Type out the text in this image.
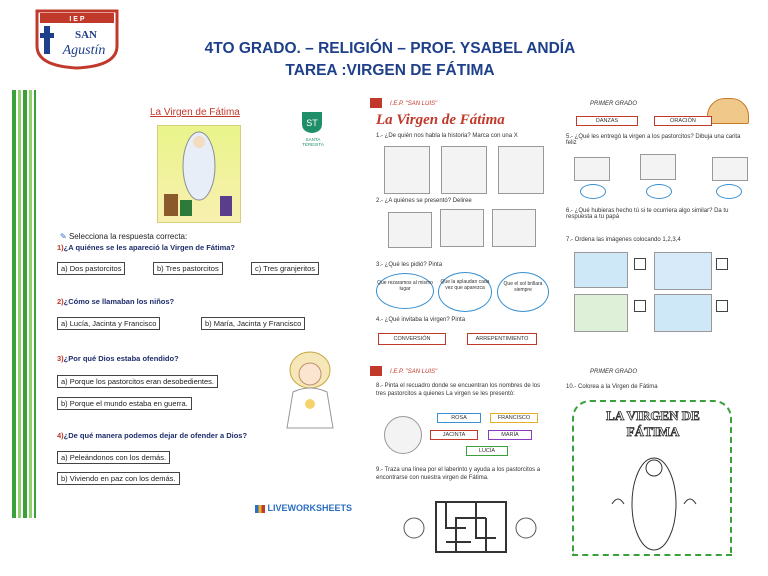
I E P
SAN
Agustín	4TO GRADO. – RELIGIÓN – PROF. YSABEL ANDÍA
TAREA :VIRGEN DE FÁTIMA
La Virgen de Fátima
ST
SANTA TERESITA
✎ Selecciona la respuesta correcta:
1)¿A quiénes se les apareció la Virgen de Fátima?
a) Dos pastorcitos	b) Tres pastorcitos	c) Tres granjeritos
2)¿Cómo se llamaban los niños?
a) Lucía, Jacinta y Francisco	b) María, Jacinta y Francisco
3)¿Por qué Dios estaba ofendido?
a) Porque los pastorcitos eran desobedientes.
b) Porque el mundo estaba en guerra.
4)¿De qué manera podemos dejar de ofender a Dios?
a) Peleándonos con los demás.
b) Viviendo en paz con los demás.
LIVEWORKSHEETS
I.E.P. "SAN LUIS"
La Virgen de Fátima
1.- ¿De quién nos habla la historia? Marca con una X
2.- ¿A quiénes se presentó? Deliree
3.- ¿Qué les pidió? Pinta
Que rezaramos al mismo lugar
Que la aplaudan cada vez que aparezca
Que el sol brillara siempre
4.- ¿Qué invitaba la virgen? Pinta
CONVERSIÓN	ARREPENTIMIENTO
PRIMER GRADO
DANZAS	ORACIÓN
5.- ¿Qué les entregó la virgen a los pastorcitos? Dibuja una carita feliz
6.- ¿Qué hubieras hecho tú si te ocurriera algo similar? Da tu respuesta a tu papá
7.- Ordena las imágenes colocando 1,2,3,4
I.E.P. "SAN LUIS"	PRIMER GRADO
8.- Pinta el recuadro donde se encuentran los nombres de los tres pastorcitos a quienes La virgen se les presentó:
ROSA	FRANCISCO
JACINTA	MARÍA
LUCÍA
9.- Traza una línea por el laberinto y ayuda a los pastorcitos a encontrarse con nuestra virgen de Fátima.
10.- Colorea a la Virgen de Fátima
LA VIRGEN DE
FÁTIMA
